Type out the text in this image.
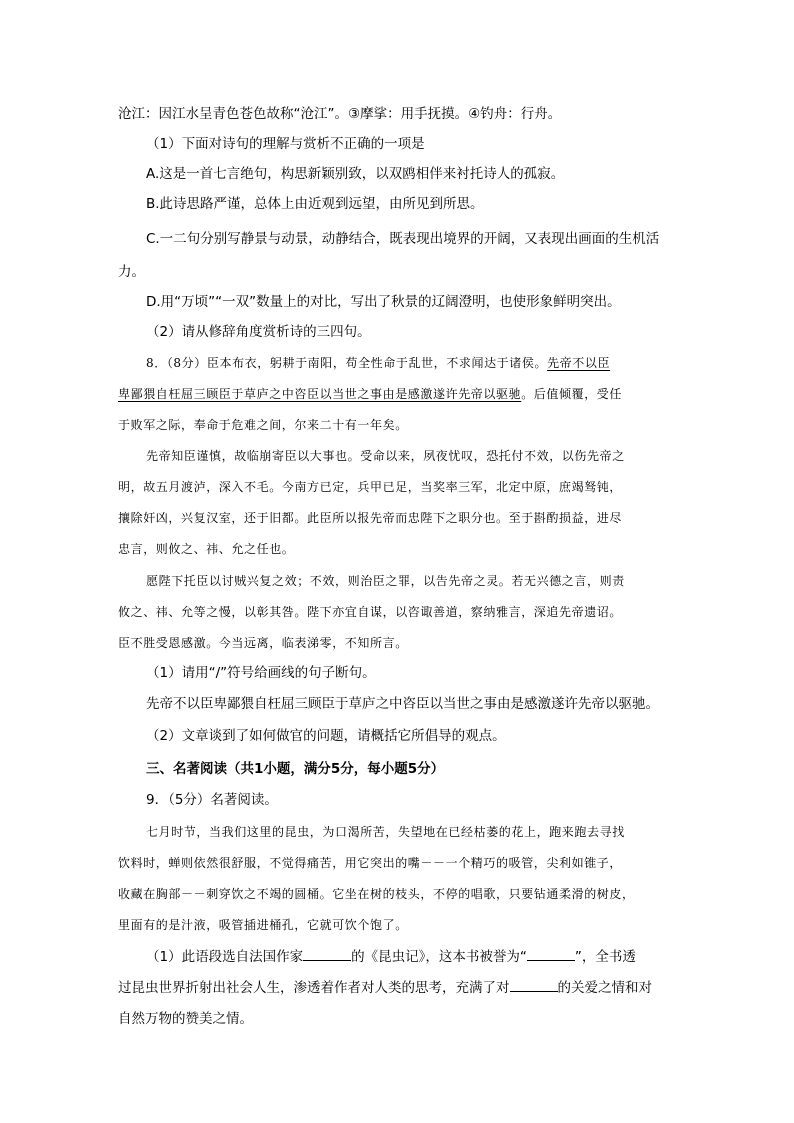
沧江：因江水呈青色苍色故称“沧江”。③摩挲：用手抚摸。④钓舟：行舟。
（1）下面对诗句的理解与赏析不正确的一项是
A.这是一首七言绝句，构思新颖别致，以双鸥相伴来衬托诗人的孤寂。
B.此诗思路严谨，总体上由近观到远望，由所见到所思。
C.一二句分别写静景与动景，动静结合，既表现出境界的开阔，又表现出画面的生机活
力。
D.用“万顷”“一双”数量上的对比，写出了秋景的辽阔澄明，也使形象鲜明突出。
（2）请从修辞角度赏析诗的三四句。
8．（8分）臣本布衣，躬耕于南阳，苟全性命于乱世，不求闻达于诸侯。先帝不以臣
卑鄙猥自枉屈三顾臣于草庐之中咨臣以当世之事由是感激遂许先帝以驱驰。后值倾覆，受任
于败军之际，奉命于危难之间，尔来二十有一年矣。
先帝知臣谨慎，故临崩寄臣以大事也。受命以来，夙夜忧叹，恐托付不效，以伤先帝之
明，故五月渡泸，深入不毛。今南方已定，兵甲已足，当奖率三军，北定中原，庶竭驽钝，
攘除奸凶，兴复汉室，还于旧都。此臣所以报先帝而忠陛下之职分也。至于斟酌损益，进尽
忠言，则攸之、祎、允之任也。
愿陛下托臣以讨贼兴复之效；不效，则治臣之罪，以告先帝之灵。若无兴德之言，则责
攸之、祎、允等之慢，以彰其咎。陛下亦宜自谋，以咨诹善道，察纳雅言，深追先帝遗诏。
臣不胜受恩感激。今当远离，临表涕零，不知所言。
（1）请用“/”符号给画线的句子断句。
先帝不以臣卑鄙猥自枉屈三顾臣于草庐之中咨臣以当世之事由是感激遂许先帝以驱驰。
（2）文章谈到了如何做官的问题，请概括它所倡导的观点。
三、名著阅读（共1小题，满分5分，每小题5分）
9．（5分）名著阅读。
七月时节，当我们这里的昆虫，为口渴所苦，失望地在已经枯萎的花上，跑来跑去寻找
饮料时，蝉则依然很舒服，不觉得痛苦，用它突出的嘴－－一个精巧的吸管，尖利如锥子，
收藏在胸部－－刺穿饮之不竭的圆桶。它坐在树的枝头，不停的唱歌，只要钻通柔滑的树皮，
里面有的是汁液，吸管插进桶孔，它就可饮个饱了。
（1）此语段选自法国作家	的《昆虫记》，这本书被誉为“	”，全书透
过昆虫世界折射出社会人生，渗透着作者对人类的思考，充满了对	的关爱之情和对
自然万物的赞美之情。
